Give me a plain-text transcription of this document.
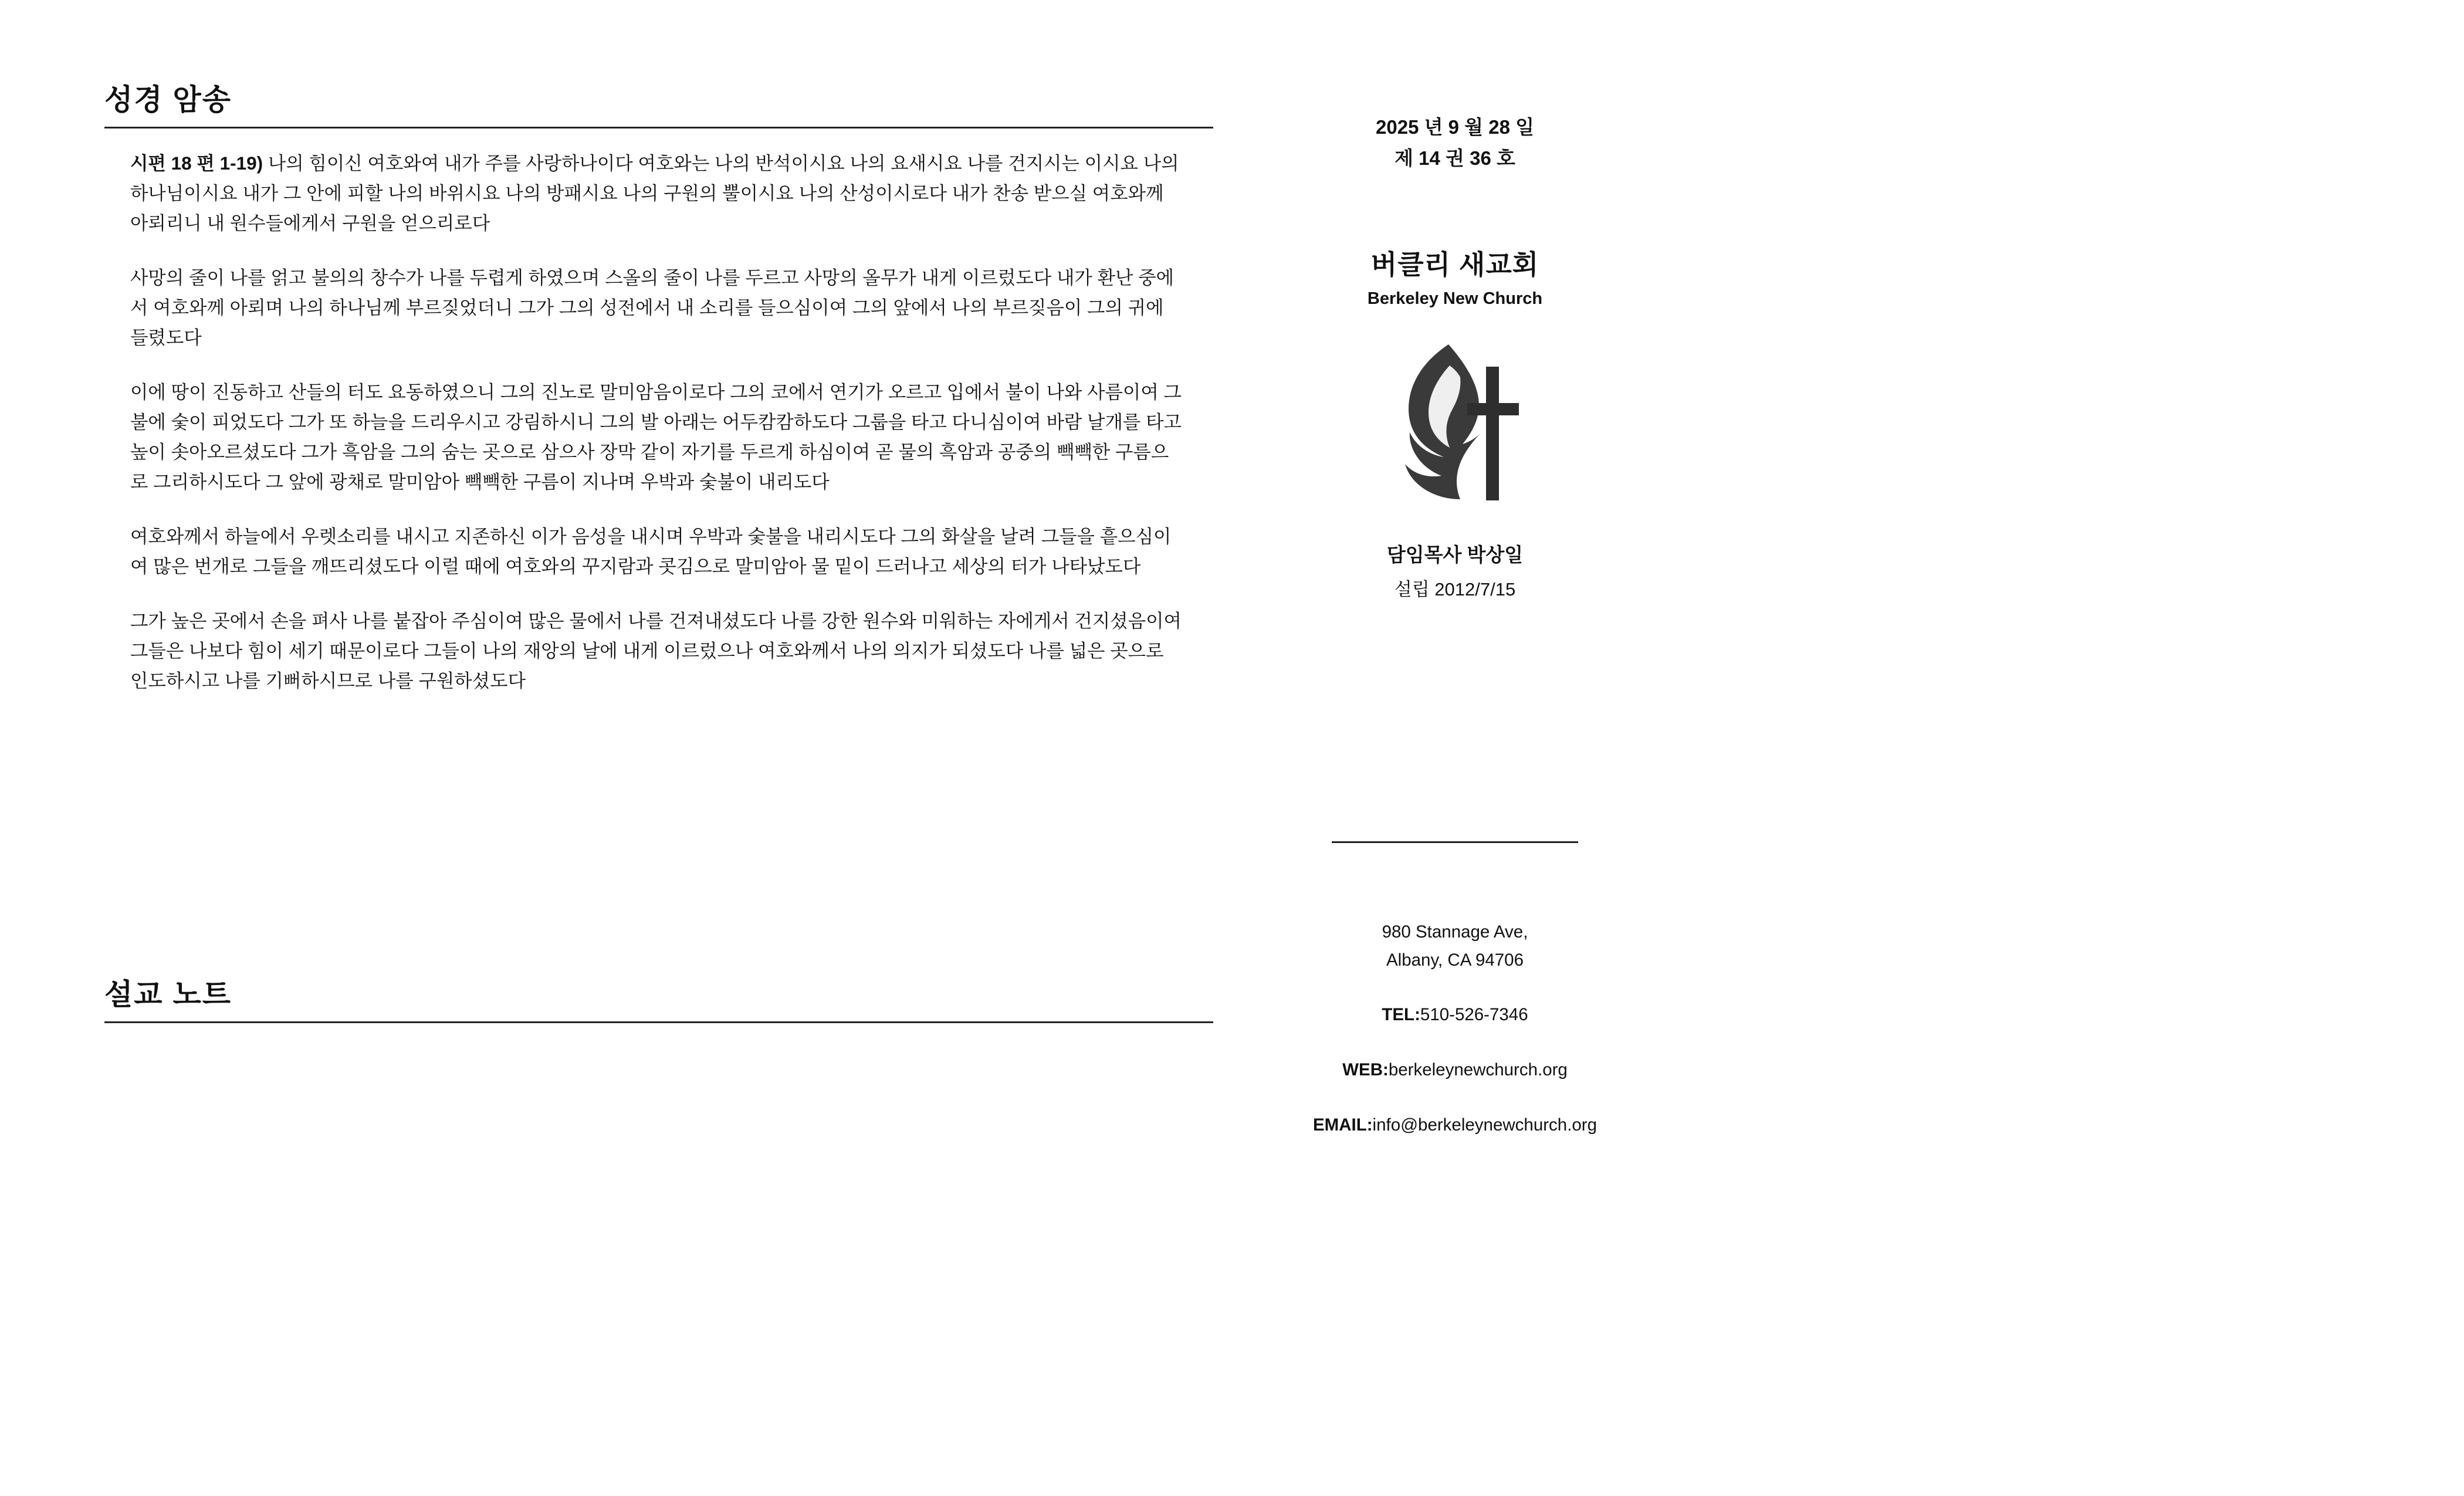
성경 암송

시편 18 편 1-19) 나의 힘이신 여호와여 내가 주를 사랑하나이다 여호와는 나의 반석이시요 나의 요새시요 나를 건지시는 이시요 나의 하나님이시요 내가 그 안에 피할 나의 바위시요 나의 방패시요 나의 구원의 뿔이시요 나의 산성이시로다 내가 찬송 받으실 여호와께 아뢰리니 내 원수들에게서 구원을 얻으리로다

사망의 줄이 나를 얽고 불의의 창수가 나를 두렵게 하였으며 스올의 줄이 나를 두르고 사망의 올무가 내게 이르렀도다 내가 환난 중에서 여호와께 아뢰며 나의 하나님께 부르짖었더니 그가 그의 성전에서 내 소리를 들으심이여 그의 앞에서 나의 부르짖음이 그의 귀에 들렸도다

이에 땅이 진동하고 산들의 터도 요동하였으니 그의 진노로 말미암음이로다 그의 코에서 연기가 오르고 입에서 불이 나와 사름이여 그 불에 숯이 피었도다 그가 또 하늘을 드리우시고 강림하시니 그의 발 아래는 어두캄캄하도다 그룹을 타고 다니심이여 바람 날개를 타고 높이 솟아오르셨도다 그가 흑암을 그의 숨는 곳으로 삼으사 장막 같이 자기를 두르게 하심이여 곧 물의 흑암과 공중의 빽빽한 구름으로 그리하시도다 그 앞에 광채로 말미암아 빽빽한 구름이 지나며 우박과 숯불이 내리도다

여호와께서 하늘에서 우렛소리를 내시고 지존하신 이가 음성을 내시며 우박과 숯불을 내리시도다 그의 화살을 날려 그들을 흩으심이여 많은 번개로 그들을 깨뜨리셨도다 이럴 때에 여호와의 꾸지람과 콧김으로 말미암아 물 밑이 드러나고 세상의 터가 나타났도다

그가 높은 곳에서 손을 펴사 나를 붙잡아 주심이여 많은 물에서 나를 건져내셨도다 나를 강한 원수와 미워하는 자에게서 건지셨음이여 그들은 나보다 힘이 세기 때문이로다 그들이 나의 재앙의 날에 내게 이르렀으나 여호와께서 나의 의지가 되셨도다 나를 넓은 곳으로 인도하시고 나를 기뻐하시므로 나를 구원하셨도다

설교 노트

2025 년 9 월 28 일

제 14 권 36 호

버클리 새교회

Berkeley New Church

담임목사 박상일

설립 2012/7/15

980 Stannage Ave,
Albany, CA 94706

TEL:510-526-7346

WEB:berkeleynewchurch.org

EMAIL:info@berkeleynewchurch.org
